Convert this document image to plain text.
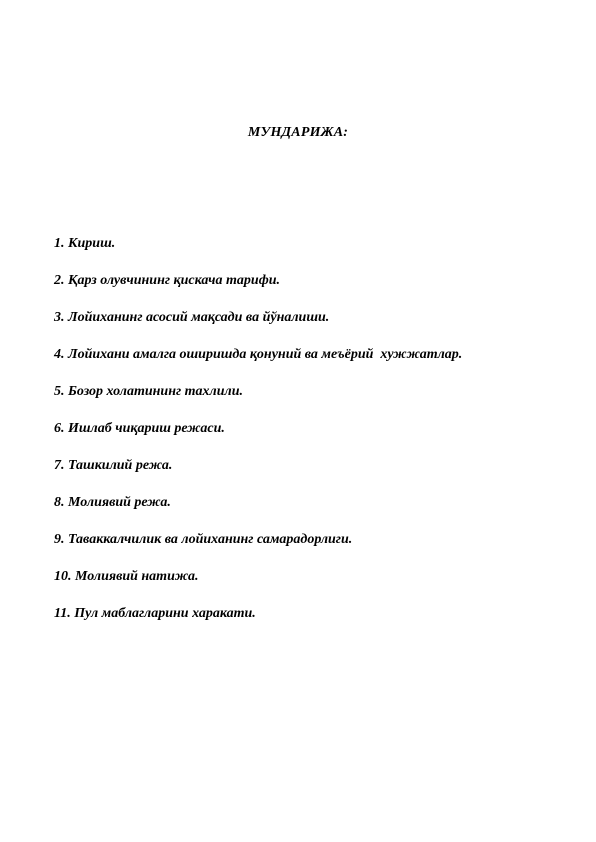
МУНДАРИЖА:
1. Кириш.
2. Қарз олувчининг қискача тарифи.
3. Лойиханинг асосий мақсади ва йўналиши.
4. Лойихани амалга оширишда қонуний ва меъёрий  хужжатлар.
5. Бозор холатининг тахлили.
6. Ишлаб чиқариш режаси.
7. Ташкилий режа.
8. Молиявий режа.
9. Таваккалчилик ва лойиханинг самарадорлиги.
10. Молиявий натижа.
11. Пул маблагларини харакати.
